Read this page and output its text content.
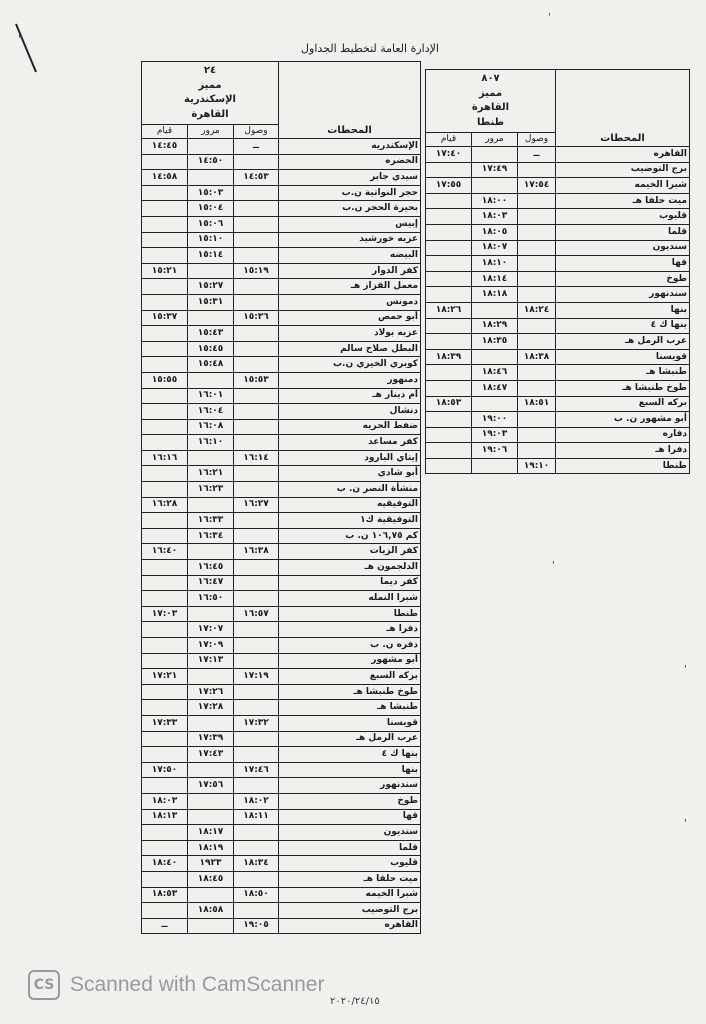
'
'
'
'
'
الإدارة العامة لتخطيط الجداول
٢٤
مميز
الإسكندرية
القاهرة			المحطات
قيام	مرور	وصول	
١٤:٤٥		ــ	الإسكندريه
	١٤:٥٠		الحضره
١٤:٥٨		١٤:٥٣	سيدي جابر
	١٥:٠٣		حجر النواتية ن.ب
	١٥:٠٤		بحيرة الحجر ن.ب
	١٥:٠٦		إبيس
	١٥:١٠		عزبه خورشيد
	١٥:١٤		البيضه
١٥:٢١		١٥:١٩	كفر الدوار
	١٥:٢٧		معمل القزاز هـ
	١٥:٣١		دمونس
١٥:٣٧		١٥:٣٦	أبو حمص
	١٥:٤٣		عزبه بولاد
	١٥:٤٥		البطل صلاح سالم
	١٥:٤٨		كوبري الخيري ن.ب
١٥:٥٥		١٥:٥٣	دمنهور
	١٦:٠١		أم دينار هـ
	١٦:٠٤		دنشال
	١٦:٠٨		ضفط الحريه
	١٦:١٠		كفر مساعد
١٦:١٦		١٦:١٤	إيتاي البارود
	١٦:٢١		أبو شادي
	١٦:٢٣		منشأة النصر ن. ب
١٦:٢٨		١٦:٢٧	التوفيقيه
	١٦:٣٣		التوفيقية ك١
	١٦:٣٤		كم ١٠٦,٧٥ ن. ب
١٦:٤٠		١٦:٣٨	كفر الزيات
	١٦:٤٥		الدلجمون هـ
	١٦:٤٧		كفر ديما
	١٦:٥٠		شبرا النمله
١٧:٠٣		١٦:٥٧	طنطا
	١٧:٠٧		دفرا هـ
	١٧:٠٩		دفره ن. ب
	١٧:١٣		أبو مشهور
١٧:٢١		١٧:١٩	بركه السبع
	١٧:٢٦		طوخ طنبشا هـ
	١٧:٢٨		طنبشا هـ
١٧:٣٣		١٧:٣٢	قويسنا
	١٧:٣٩		عرب الرمل هـ
	١٧:٤٣		بنها ك ٤
١٧:٥٠		١٧:٤٦	بنها
	١٧:٥٦		سندنهور
١٨:٠٣		١٨:٠٢	طوخ
١٨:١٣		١٨:١١	قها
	١٨:١٧		سنديون
	١٨:١٩		قلما
١٨:٤٠	١٩٢٣	١٨:٣٤	قليوب
	١٨:٤٥		ميت حلفا هـ
١٨:٥٣		١٨:٥٠	شبرا الخيمه
	١٨:٥٨		برج التوضيب
ــ		١٩:٠٥	القاهره
٨٠٧
مميز
القاهرة
طنطا			المحطات
قيام	مرور	وصول	
١٧:٤٠		ــ	القاهره
	١٧:٤٩		برج التوضيب
١٧:٥٥		١٧:٥٤	شبرا الخيمه
	١٨:٠٠		ميت حلفا هـ
	١٨:٠٣		قليوب
	١٨:٠٥		قلما
	١٨:٠٧		سنديون
	١٨:١٠		قها
	١٨:١٤		طوخ
	١٨:١٨		سندنهور
١٨:٢٦		١٨:٢٤	بنها
	١٨:٢٩		بنها ك ٤
	١٨:٣٥		عرب الرمل هـ
١٨:٣٩		١٨:٣٨	قويسنا
	١٨:٤٦		طنبشا هـ
	١٨:٤٧		طوخ طنبشا هـ
١٨:٥٣		١٨:٥١	بركه السبع
	١٩:٠٠		أبو مشهور ن. ب
	١٩:٠٣		دفاره
	١٩:٠٦		دفرا هـ
		١٩:١٠	طنطا
CS Scanned with CamScanner
٢٠٢٠/٢٤/١٥
